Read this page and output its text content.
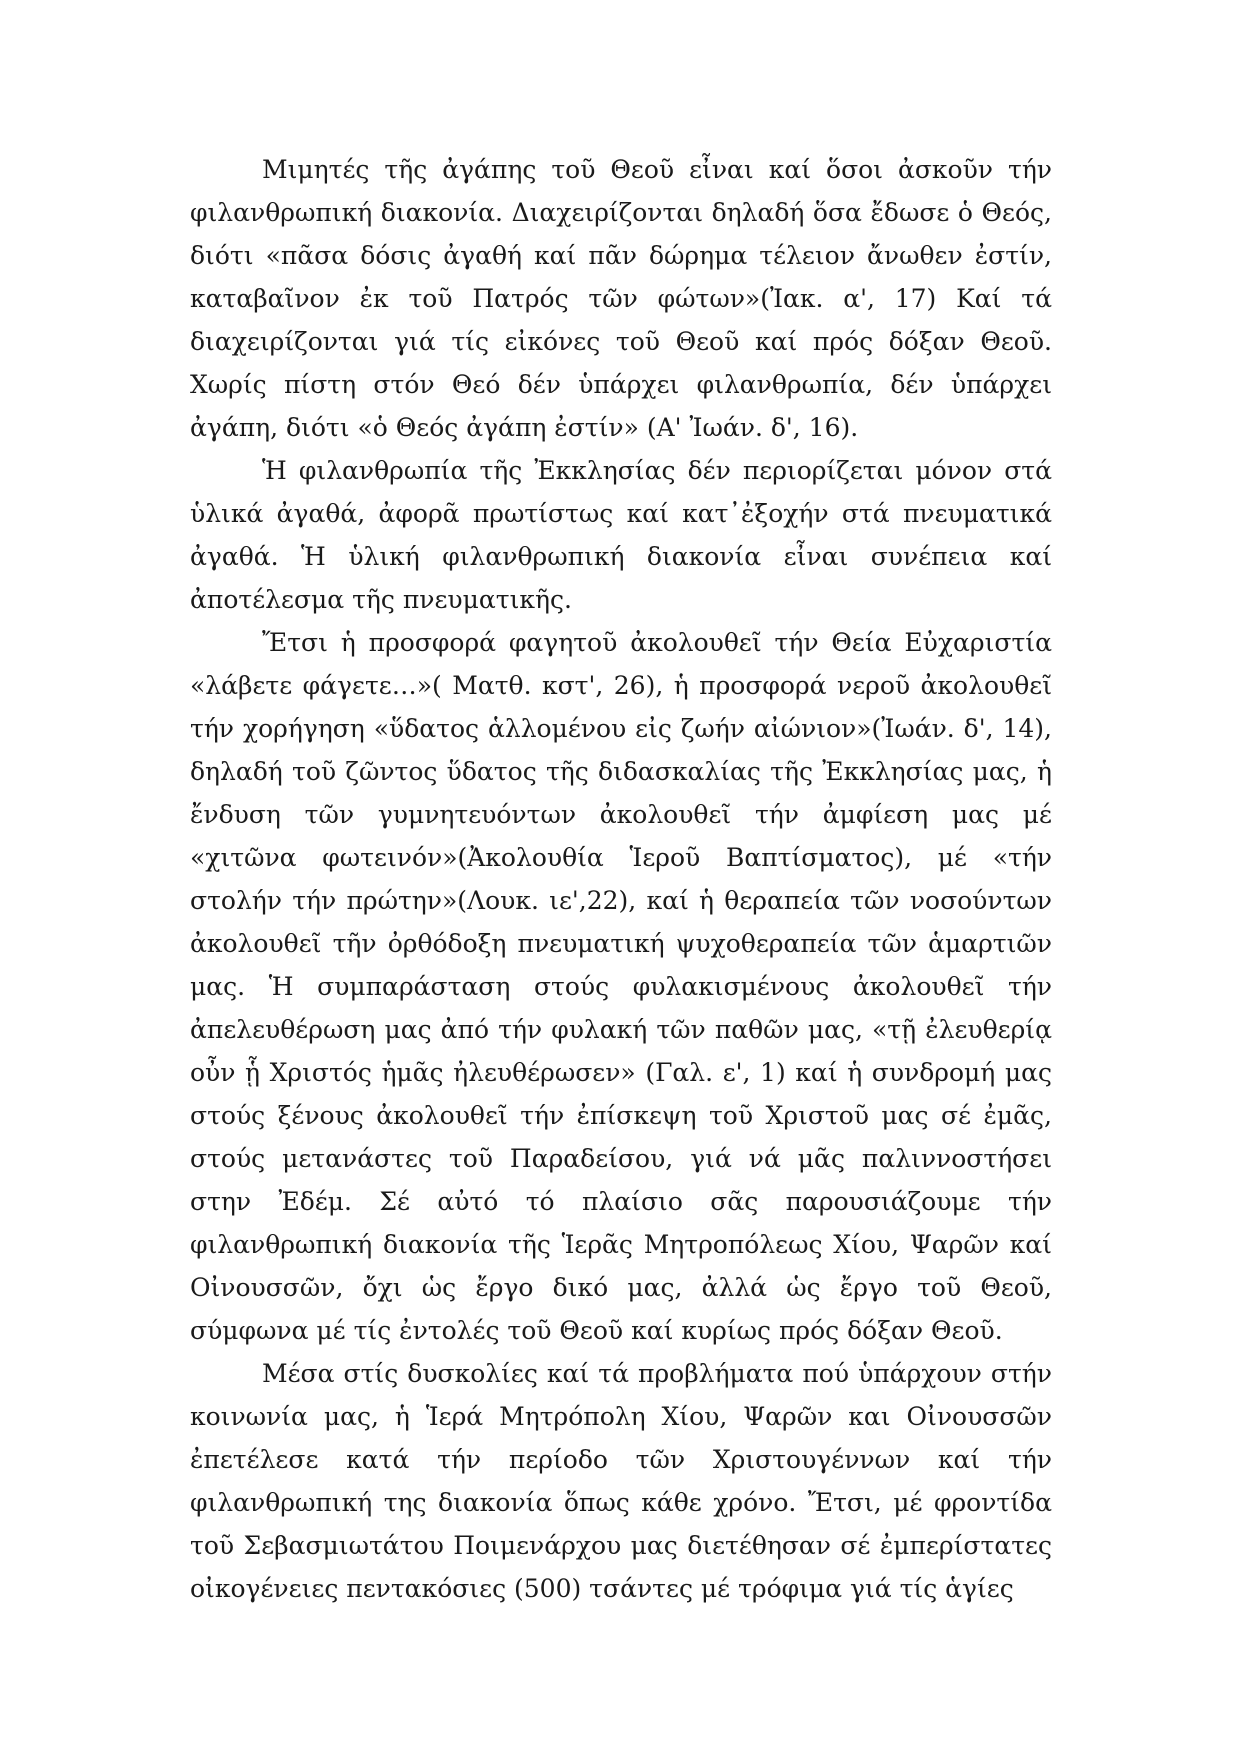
Μιμητές τῆς ἀγάπης τοῦ Θεοῦ εἶναι καί ὅσοι ἀσκοῦν τήν φιλανθρωπική διακονία. Διαχειρίζονται δηλαδή ὅσα ἔδωσε ὁ Θεός, διότι «πᾶσα δόσις ἀγαθή καί πᾶν δώρημα τέλειον ἄνωθεν ἐστίν, καταβαῖνον ἐκ τοῦ Πατρός τῶν φώτων»(Ἰακ. α', 17) Καί τά διαχειρίζονται γιά τίς εἰκόνες τοῦ Θεοῦ καί πρός δόξαν Θεοῦ. Χωρίς πίστη στόν Θεό δέν ὑπάρχει φιλανθρωπία, δέν ὑπάρχει ἀγάπη, διότι «ὁ Θεός ἀγάπη ἐστίν» (Α' Ἰωάν. δ', 16).

Ἡ φιλανθρωπία τῆς Ἐκκλησίας δέν περιορίζεται μόνον στά ὑλικά ἀγαθά, ἀφορᾶ πρωτίστως καί κατ᾽ἐξοχήν στά πνευματικά ἀγαθά. Ἡ ὑλική φιλανθρωπική διακονία εἶναι συνέπεια καί ἀποτέλεσμα τῆς πνευματικῆς.

Ἔτσι ἡ προσφορά φαγητοῦ ἀκολουθεῖ τήν Θεία Εὐχαριστία «λάβετε φάγετε…»( Ματθ. κστ', 26), ἡ προσφορά νεροῦ ἀκολουθεῖ τήν χορήγηση «ὕδατος ἁλλομένου εἰς ζωήν αἰώνιον»(Ἰωάν. δ', 14), δηλαδή τοῦ ζῶντος ὕδατος τῆς διδασκαλίας τῆς Ἐκκλησίας μας, ἡ ἔνδυση τῶν γυμνητευόντων ἀκολουθεῖ τήν ἀμφίεση μας μέ «χιτῶνα φωτεινόν»(Ἀκολουθία Ἱεροῦ Βαπτίσματος), μέ «τήν στολήν τήν πρώτην»(Λουκ. ιε',22), καί ἡ θεραπεία τῶν νοσούντων ἀκολουθεῖ τῆν ὀρθόδοξη πνευματική ψυχοθεραπεία τῶν ἁμαρτιῶν μας. Ἡ συμπαράσταση στούς φυλακισμένους ἀκολουθεῖ τήν ἀπελευθέρωση μας ἀπό τήν φυλακή τῶν παθῶν μας, «τῇ ἐλευθερίᾳ οὖν ᾗ Χριστός ἡμᾶς ἠλευθέρωσεν» (Γαλ. ε', 1) καί ἡ συνδρομή μας στούς ξένους ἀκολουθεῖ τήν ἐπίσκεψη τοῦ Χριστοῦ μας σέ ἐμᾶς, στούς μετανάστες τοῦ Παραδείσου, γιά νά μᾶς παλιννοστήσει στην Ἐδέμ. Σέ αὐτό τό πλαίσιο σᾶς παρουσιάζουμε τήν φιλανθρωπική διακονία τῆς Ἱερᾶς Μητροπόλεως Χίου, Ψαρῶν καί Οἰνουσσῶν, ὄχι ὡς ἔργο δικό μας, ἀλλά ὡς ἔργο τοῦ Θεοῦ, σύμφωνα μέ τίς ἐντολές τοῦ Θεοῦ καί κυρίως πρός δόξαν Θεοῦ.

Μέσα στίς δυσκολίες καί τά προβλήματα πού ὑπάρχουν στήν κοινωνία μας, ἡ Ἱερά Μητρόπολη Χίου, Ψαρῶν και Οἰνουσσῶν ἐπετέλεσε κατά τήν περίοδο τῶν Χριστουγέννων καί τήν φιλανθρωπική της διακονία ὅπως κάθε χρόνο. Ἔτσι, μέ φροντίδα τοῦ Σεβασμιωτάτου Ποιμενάρχου μας διετέθησαν σέ ἐμπερίστατες οἰκογένειες πεντακόσιες (500) τσάντες μέ τρόφιμα γιά τίς ἁγίες
